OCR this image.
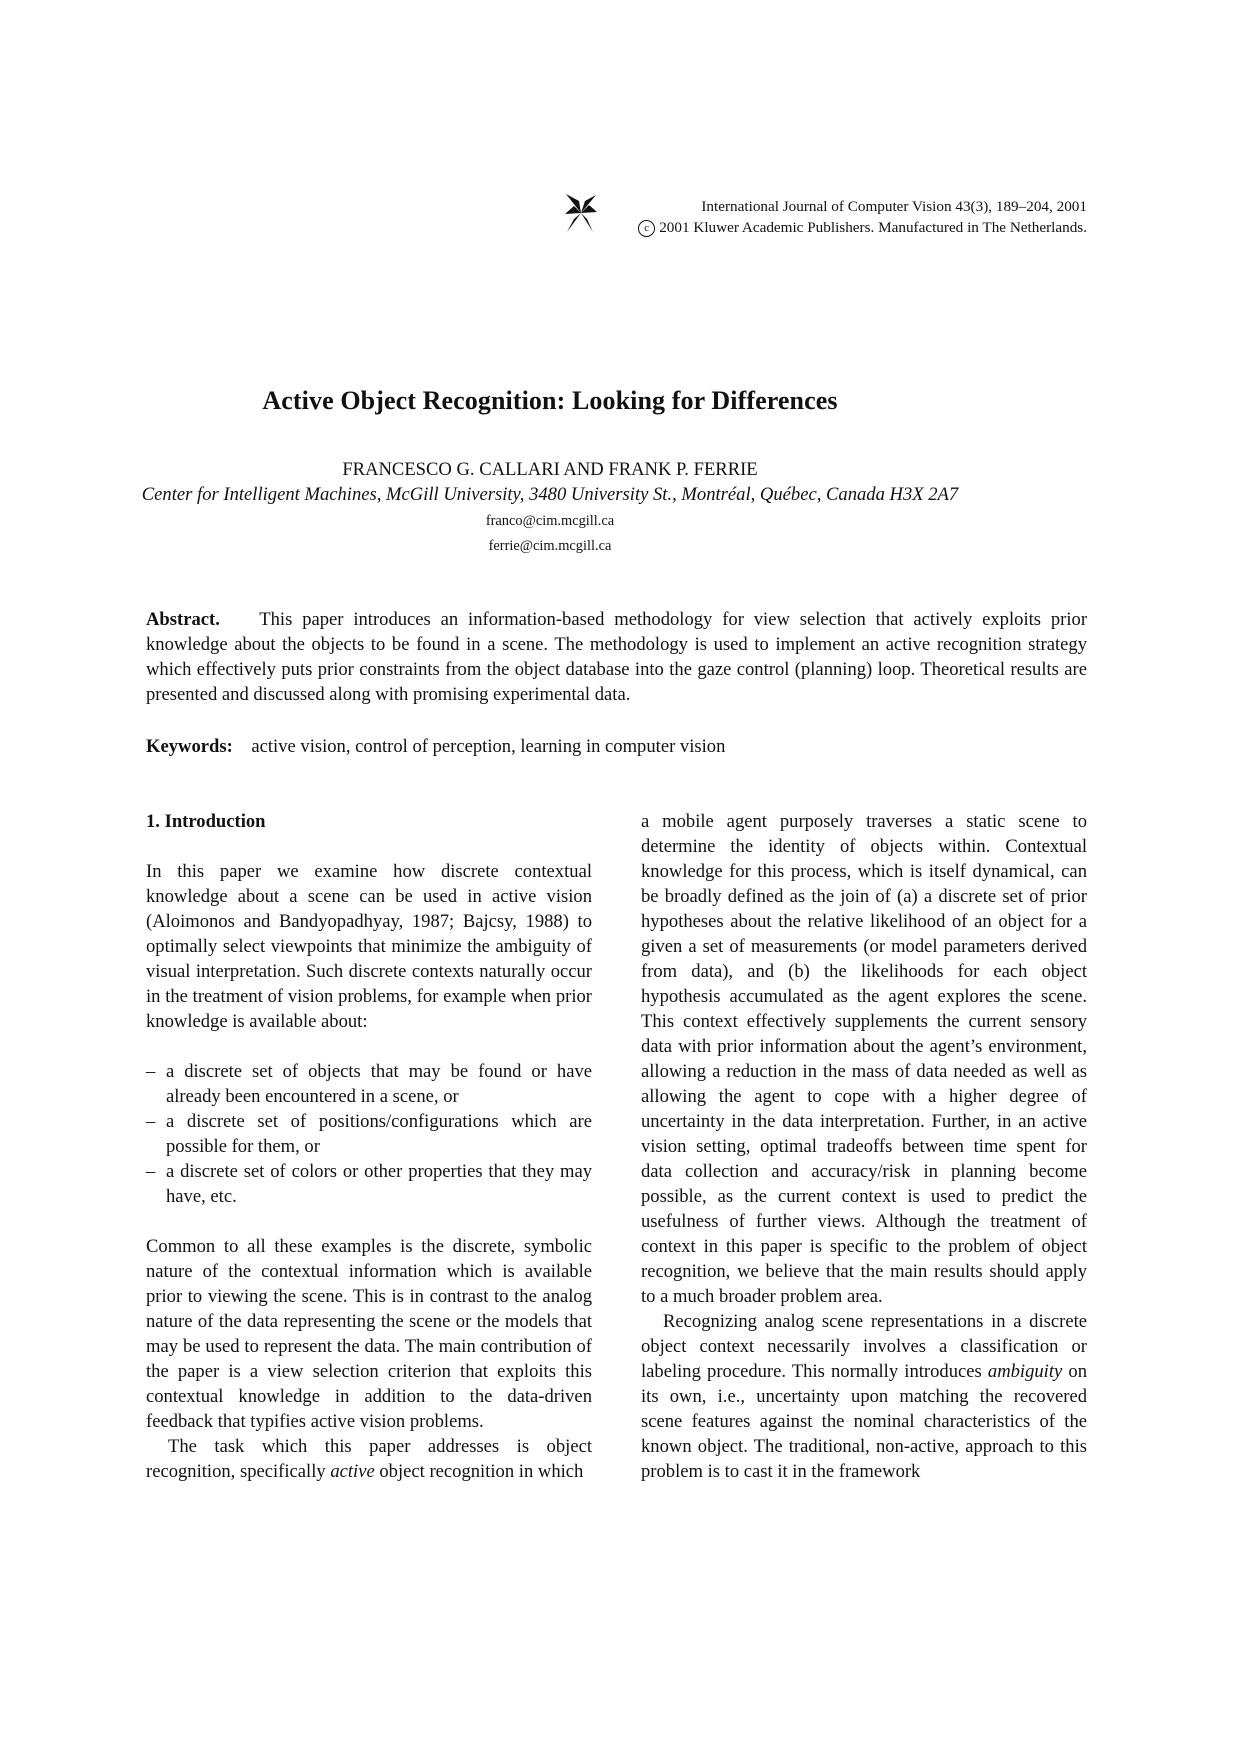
International Journal of Computer Vision 43(3), 189–204, 2001
c 2001 Kluwer Academic Publishers. Manufactured in The Netherlands.
Active Object Recognition: Looking for Differences
FRANCESCO G. CALLARI AND FRANK P. FERRIE
Center for Intelligent Machines, McGill University, 3480 University St., Montréal, Québec, Canada H3X 2A7
franco@cim.mcgill.ca
ferrie@cim.mcgill.ca

Abstract. This paper introduces an information-based methodology for view selection that actively exploits prior knowledge about the objects to be found in a scene. The methodology is used to implement an active recognition strategy which effectively puts prior constraints from the object database into the gaze control (planning) loop. Theoretical results are presented and discussed along with promising experimental data.

Keywords: active vision, control of perception, learning in computer vision

1. Introduction

In this paper we examine how discrete contextual knowledge about a scene can be used in active vision (Aloimonos and Bandyopadhyay, 1987; Bajcsy, 1988) to optimally select viewpoints that minimize the ambiguity of visual interpretation. Such discrete contexts naturally occur in the treatment of vision problems, for example when prior knowledge is available about:

– a discrete set of objects that may be found or have already been encountered in a scene, or
– a discrete set of positions/configurations which are possible for them, or
– a discrete set of colors or other properties that they may have, etc.

Common to all these examples is the discrete, symbolic nature of the contextual information which is available prior to viewing the scene. This is in contrast to the analog nature of the data representing the scene or the models that may be used to represent the data. The main contribution of the paper is a view selection criterion that exploits this contextual knowledge in addition to the data-driven feedback that typifies active vision problems.

The task which this paper addresses is object recognition, specifically active object recognition in which

a mobile agent purposely traverses a static scene to determine the identity of objects within. Contextual knowledge for this process, which is itself dynamical, can be broadly defined as the join of (a) a discrete set of prior hypotheses about the relative likelihood of an object for a given a set of measurements (or model parameters derived from data), and (b) the likelihoods for each object hypothesis accumulated as the agent explores the scene. This context effectively supplements the current sensory data with prior information about the agent’s environment, allowing a reduction in the mass of data needed as well as allowing the agent to cope with a higher degree of uncertainty in the data interpretation. Further, in an active vision setting, optimal tradeoffs between time spent for data collection and accuracy/risk in planning become possible, as the current context is used to predict the usefulness of further views. Although the treatment of context in this paper is specific to the problem of object recognition, we believe that the main results should apply to a much broader problem area.

Recognizing analog scene representations in a discrete object context necessarily involves a classification or labeling procedure. This normally introduces ambiguity on its own, i.e., uncertainty upon matching the recovered scene features against the nominal characteristics of the known object. The traditional, non-active, approach to this problem is to cast it in the framework
